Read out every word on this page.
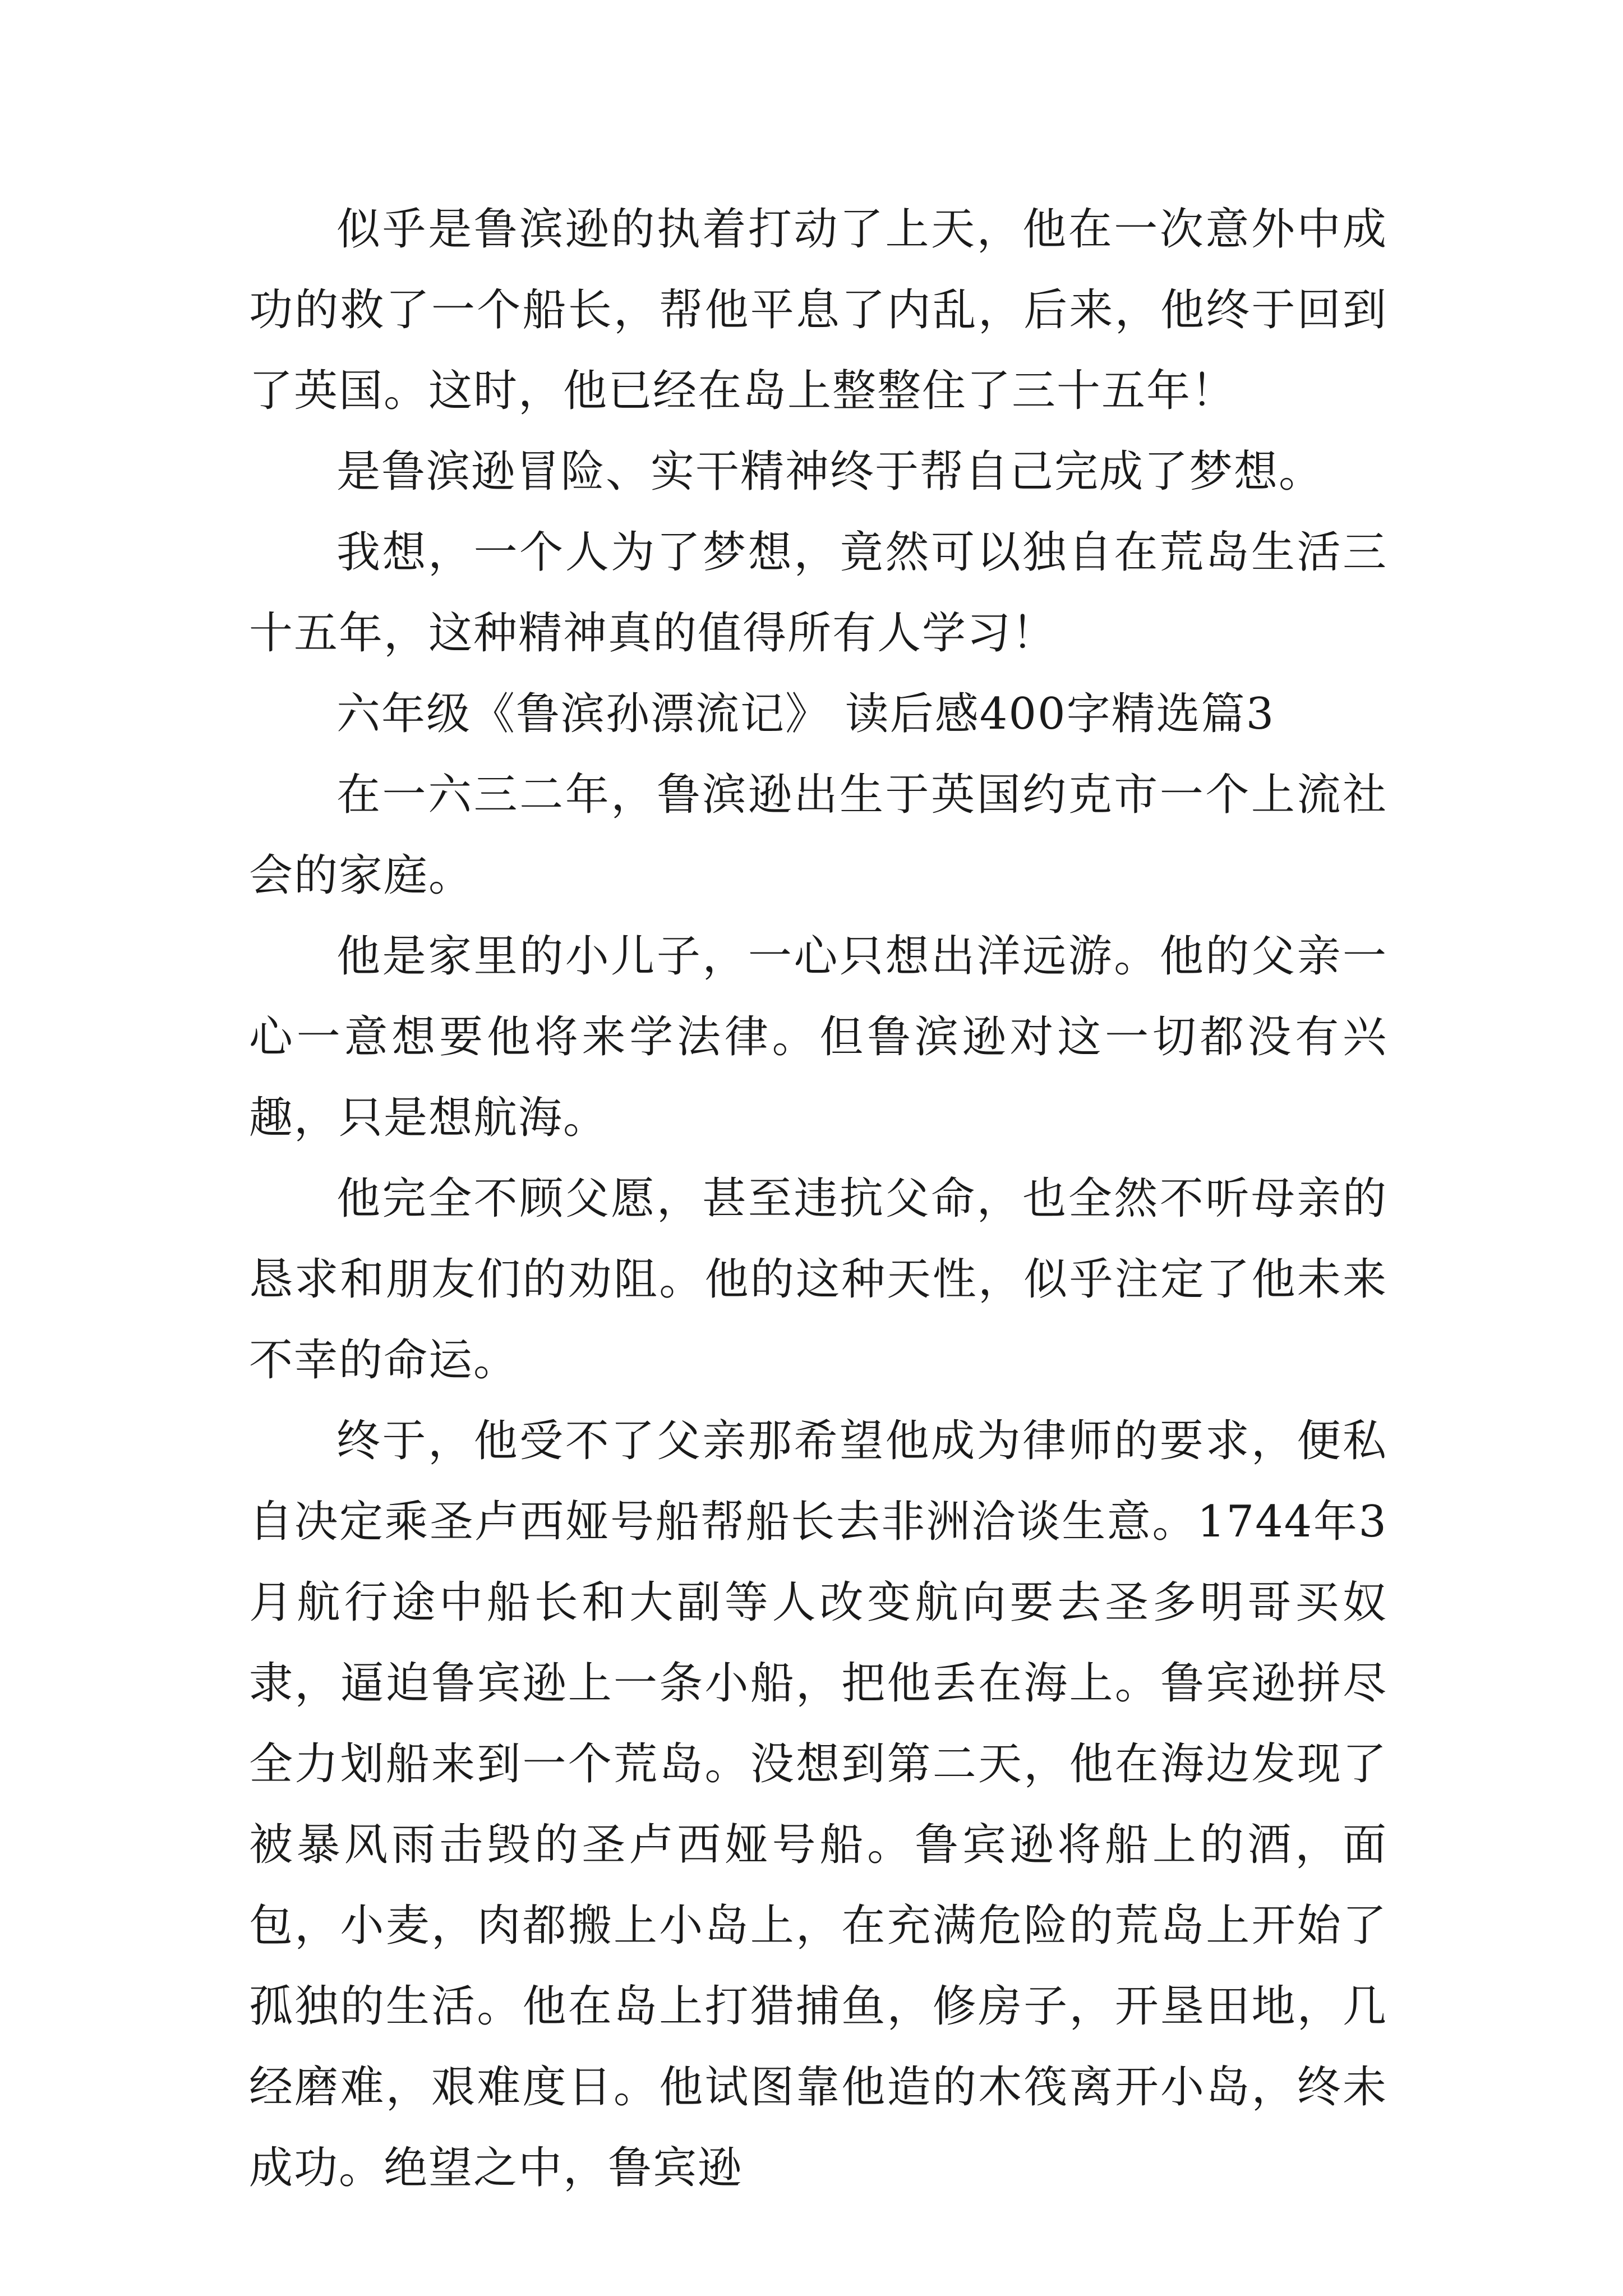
似乎是鲁滨逊的执着打动了上天，他在一次意外中成功的救了一个船长，帮他平息了内乱，后来，他终于回到了英国。这时，他已经在岛上整整住了三十五年！

是鲁滨逊冒险、实干精神终于帮自己完成了梦想。

我想，一个人为了梦想，竟然可以独自在荒岛生活三十五年，这种精神真的值得所有人学习！

六年级《鲁滨孙漂流记》 读后感400字精选篇3

在一六三二年，鲁滨逊出生于英国约克市一个上流社会的家庭。

他是家里的小儿子，一心只想出洋远游。他的父亲一心一意想要他将来学法律。但鲁滨逊对这一切都没有兴趣，只是想航海。

他完全不顾父愿，甚至违抗父命，也全然不听母亲的恳求和朋友们的劝阻。他的这种天性，似乎注定了他未来不幸的命运。

终于，他受不了父亲那希望他成为律师的要求，便私自决定乘圣卢西娅号船帮船长去非洲洽谈生意。1744年3月航行途中船长和大副等人改变航向要去圣多明哥买奴隶，逼迫鲁宾逊上一条小船，把他丢在海上。鲁宾逊拼尽全力划船来到一个荒岛。没想到第二天，他在海边发现了被暴风雨击毁的圣卢西娅号船。鲁宾逊将船上的酒，面包，小麦，肉都搬上小岛上，在充满危险的荒岛上开始了孤独的生活。他在岛上打猎捕鱼，修房子，开垦田地，几经磨难，艰难度日。他试图靠他造的木筏离开小岛，终未成功。绝望之中，鲁宾逊
